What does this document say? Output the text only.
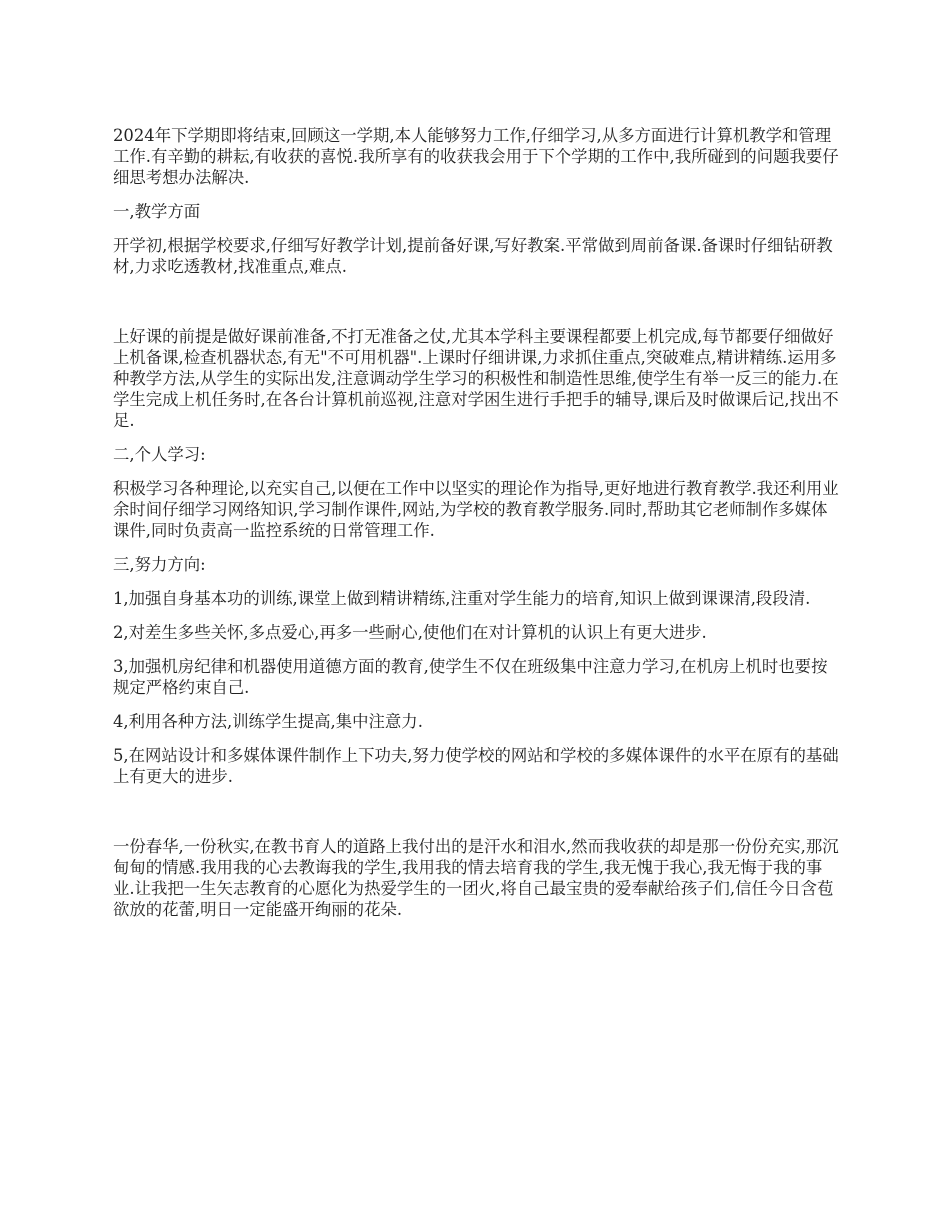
2024年下学期即将结束,回顾这一学期,本人能够努力工作,仔细学习,从多方面进行计算机教学和管理工作.有辛勤的耕耘,有收获的喜悦.我所享有的收获我会用于下个学期的工作中,我所碰到的问题我要仔细思考想办法解决.

一,教学方面

开学初,根据学校要求,仔细写好教学计划,提前备好课,写好教案.平常做到周前备课.备课时仔细钻研教材,力求吃透教材,找准重点,难点.

上好课的前提是做好课前准备,不打无准备之仗,尤其本学科主要课程都要上机完成,每节都要仔细做好上机备课,检查机器状态,有无"不可用机器".上课时仔细讲课,力求抓住重点,突破难点,精讲精练.运用多种教学方法,从学生的实际出发,注意调动学生学习的积极性和制造性思维,使学生有举一反三的能力.在学生完成上机任务时,在各台计算机前巡视,注意对学困生进行手把手的辅导,课后及时做课后记,找出不足.

二,个人学习:

积极学习各种理论,以充实自己,以便在工作中以坚实的理论作为指导,更好地进行教育教学.我还利用业余时间仔细学习网络知识,学习制作课件,网站,为学校的教育教学服务.同时,帮助其它老师制作多媒体课件,同时负责高一监控系统的日常管理工作.

三,努力方向:

1,加强自身基本功的训练,课堂上做到精讲精练,注重对学生能力的培育,知识上做到课课清,段段清.

2,对差生多些关怀,多点爱心,再多一些耐心,使他们在对计算机的认识上有更大进步.

3,加强机房纪律和机器使用道德方面的教育,使学生不仅在班级集中注意力学习,在机房上机时也要按规定严格约束自己.

4,利用各种方法,训练学生提高,集中注意力.

5,在网站设计和多媒体课件制作上下功夫,努力使学校的网站和学校的多媒体课件的水平在原有的基础上有更大的进步.

一份春华,一份秋实,在教书育人的道路上我付出的是汗水和泪水,然而我收获的却是那一份份充实,那沉甸甸的情感.我用我的心去教诲我的学生,我用我的情去培育我的学生,我无愧于我心,我无悔于我的事业.让我把一生矢志教育的心愿化为热爱学生的一团火,将自己最宝贵的爱奉献给孩子们,信任今日含苞欲放的花蕾,明日一定能盛开绚丽的花朵.
